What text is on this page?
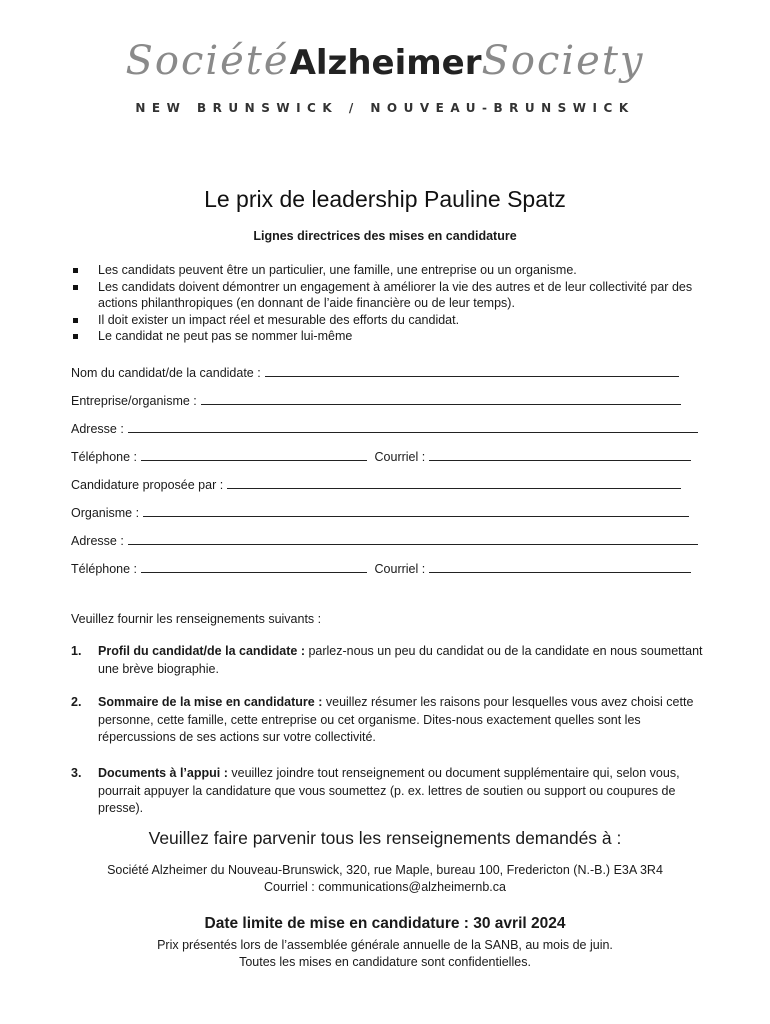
SociétéAlzheimerSociety
NEW BRUNSWICK / NOUVEAU-BRUNSWICK
Le prix de leadership Pauline Spatz
Lignes directrices des mises en candidature
Les candidats peuvent être un particulier, une famille, une entreprise ou un organisme.
Les candidats doivent démontrer un engagement à améliorer la vie des autres et de leur collectivité par des actions philanthropiques (en donnant de l’aide financière ou de leur temps).
Il doit exister un impact réel et mesurable des efforts du candidat.
Le candidat ne peut pas se nommer lui-même
Nom du candidat/de la candidate :
Entreprise/organisme :
Adresse :
Téléphone :	Courriel :
Candidature proposée par :
Organisme :
Adresse :
Téléphone :	Courriel :
Veuillez fournir les renseignements suivants :
1. Profil du candidat/de la candidate : parlez-nous un peu du candidat ou de la candidate en nous soumettant une brève biographie.
2. Sommaire de la mise en candidature : veuillez résumer les raisons pour lesquelles vous avez choisi cette personne, cette famille, cette entreprise ou cet organisme. Dites-nous exactement quelles sont les répercussions de ses actions sur votre collectivité.
3. Documents à l’appui : veuillez joindre tout renseignement ou document supplémentaire qui, selon vous, pourrait appuyer la candidature que vous soumettez (p. ex. lettres de soutien ou support ou coupures de presse).
Veuillez faire parvenir tous les renseignements demandés à :
Société Alzheimer du Nouveau-Brunswick, 320, rue Maple, bureau 100, Fredericton (N.-B.) E3A 3R4
Courriel : communications@alzheimernb.ca
Date limite de mise en candidature : 30 avril 2024
Prix présentés lors de l’assemblée générale annuelle de la SANB, au mois de juin.
Toutes les mises en candidature sont confidentielles.
